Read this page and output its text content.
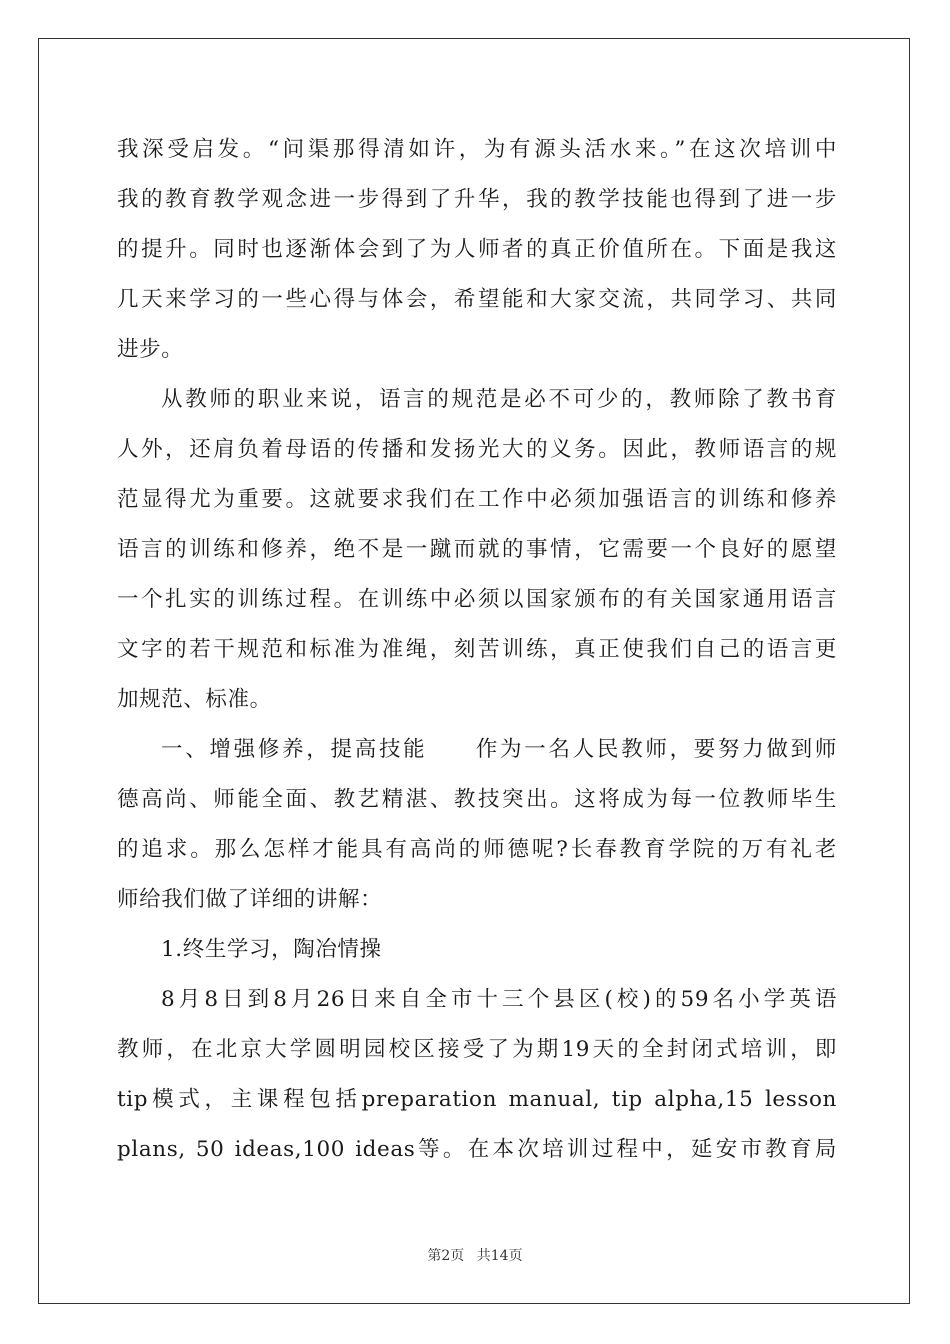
我深受启发。“问渠那得清如许，为有源头活水来。”在这次培训中
我的教育教学观念进一步得到了升华，我的教学技能也得到了进一步
的提升。同时也逐渐体会到了为人师者的真正价值所在。下面是我这
几天来学习的一些心得与体会，希望能和大家交流，共同学习、共同
进步。
从教师的职业来说，语言的规范是必不可少的，教师除了教书育
人外，还肩负着母语的传播和发扬光大的义务。因此，教师语言的规
范显得尤为重要。这就要求我们在工作中必须加强语言的训练和修养
语言的训练和修养，绝不是一蹴而就的事情，它需要一个良好的愿望
一个扎实的训练过程。在训练中必须以国家颁布的有关国家通用语言
文字的若干规范和标准为准绳，刻苦训练，真正使我们自己的语言更
加规范、标准。
一、增强修养，提高技能　　作为一名人民教师，要努力做到师
德高尚、师能全面、教艺精湛、教技突出。这将成为每一位教师毕生
的追求。那么怎样才能具有高尚的师德呢?长春教育学院的万有礼老
师给我们做了详细的讲解：
1.终生学习，陶冶情操
8月8日到8月26日来自全市十三个县区(校)的59名小学英语
教师，在北京大学圆明园校区接受了为期19天的全封闭式培训，即
tip模式，主课程包括preparation manual, tip alpha,15 lesson
plans, 50 ideas,100 ideas等。在本次培训过程中，延安市教育局
第2页 共14页
